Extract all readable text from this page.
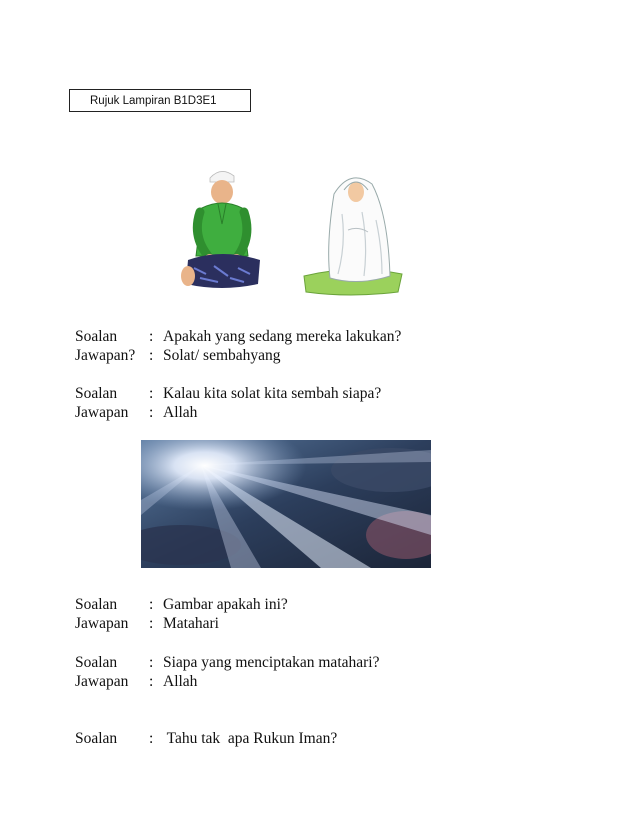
Rujuk Lampiran B1D3E1
Soalan	: Apakah yang sedang mereka lakukan?
Jawapan? : Solat/ sembahyang
Soalan	: Kalau kita solat kita sembah siapa?
Jawapan	: Allah
Soalan	: Gambar apakah ini?
Jawapan	: Matahari
Soalan	: Siapa yang menciptakan matahari?
Jawapan	: Allah
Soalan	: Tahu tak  apa Rukun Iman?
